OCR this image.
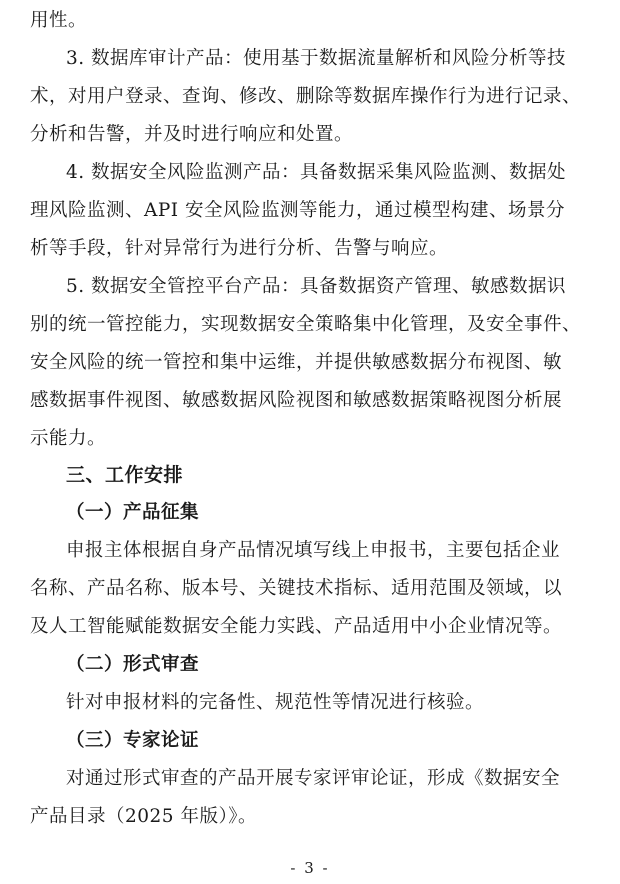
用性。
3. 数据库审计产品：使用基于数据流量解析和风险分析等技
术，对用户登录、查询、修改、删除等数据库操作行为进行记录、
分析和告警，并及时进行响应和处置。
4. 数据安全风险监测产品：具备数据采集风险监测、数据处
理风险监测、API 安全风险监测等能力，通过模型构建、场景分
析等手段，针对异常行为进行分析、告警与响应。
5. 数据安全管控平台产品：具备数据资产管理、敏感数据识
别的统一管控能力，实现数据安全策略集中化管理，及安全事件、
安全风险的统一管控和集中运维，并提供敏感数据分布视图、敏
感数据事件视图、敏感数据风险视图和敏感数据策略视图分析展
示能力。
三、工作安排
（一）产品征集
申报主体根据自身产品情况填写线上申报书，主要包括企业
名称、产品名称、版本号、关键技术指标、适用范围及领域，以
及人工智能赋能数据安全能力实践、产品适用中小企业情况等。
（二）形式审查
针对申报材料的完备性、规范性等情况进行核验。
（三）专家论证
对通过形式审查的产品开展专家评审论证，形成《数据安全
产品目录（2025 年版）》。
- 3 -
